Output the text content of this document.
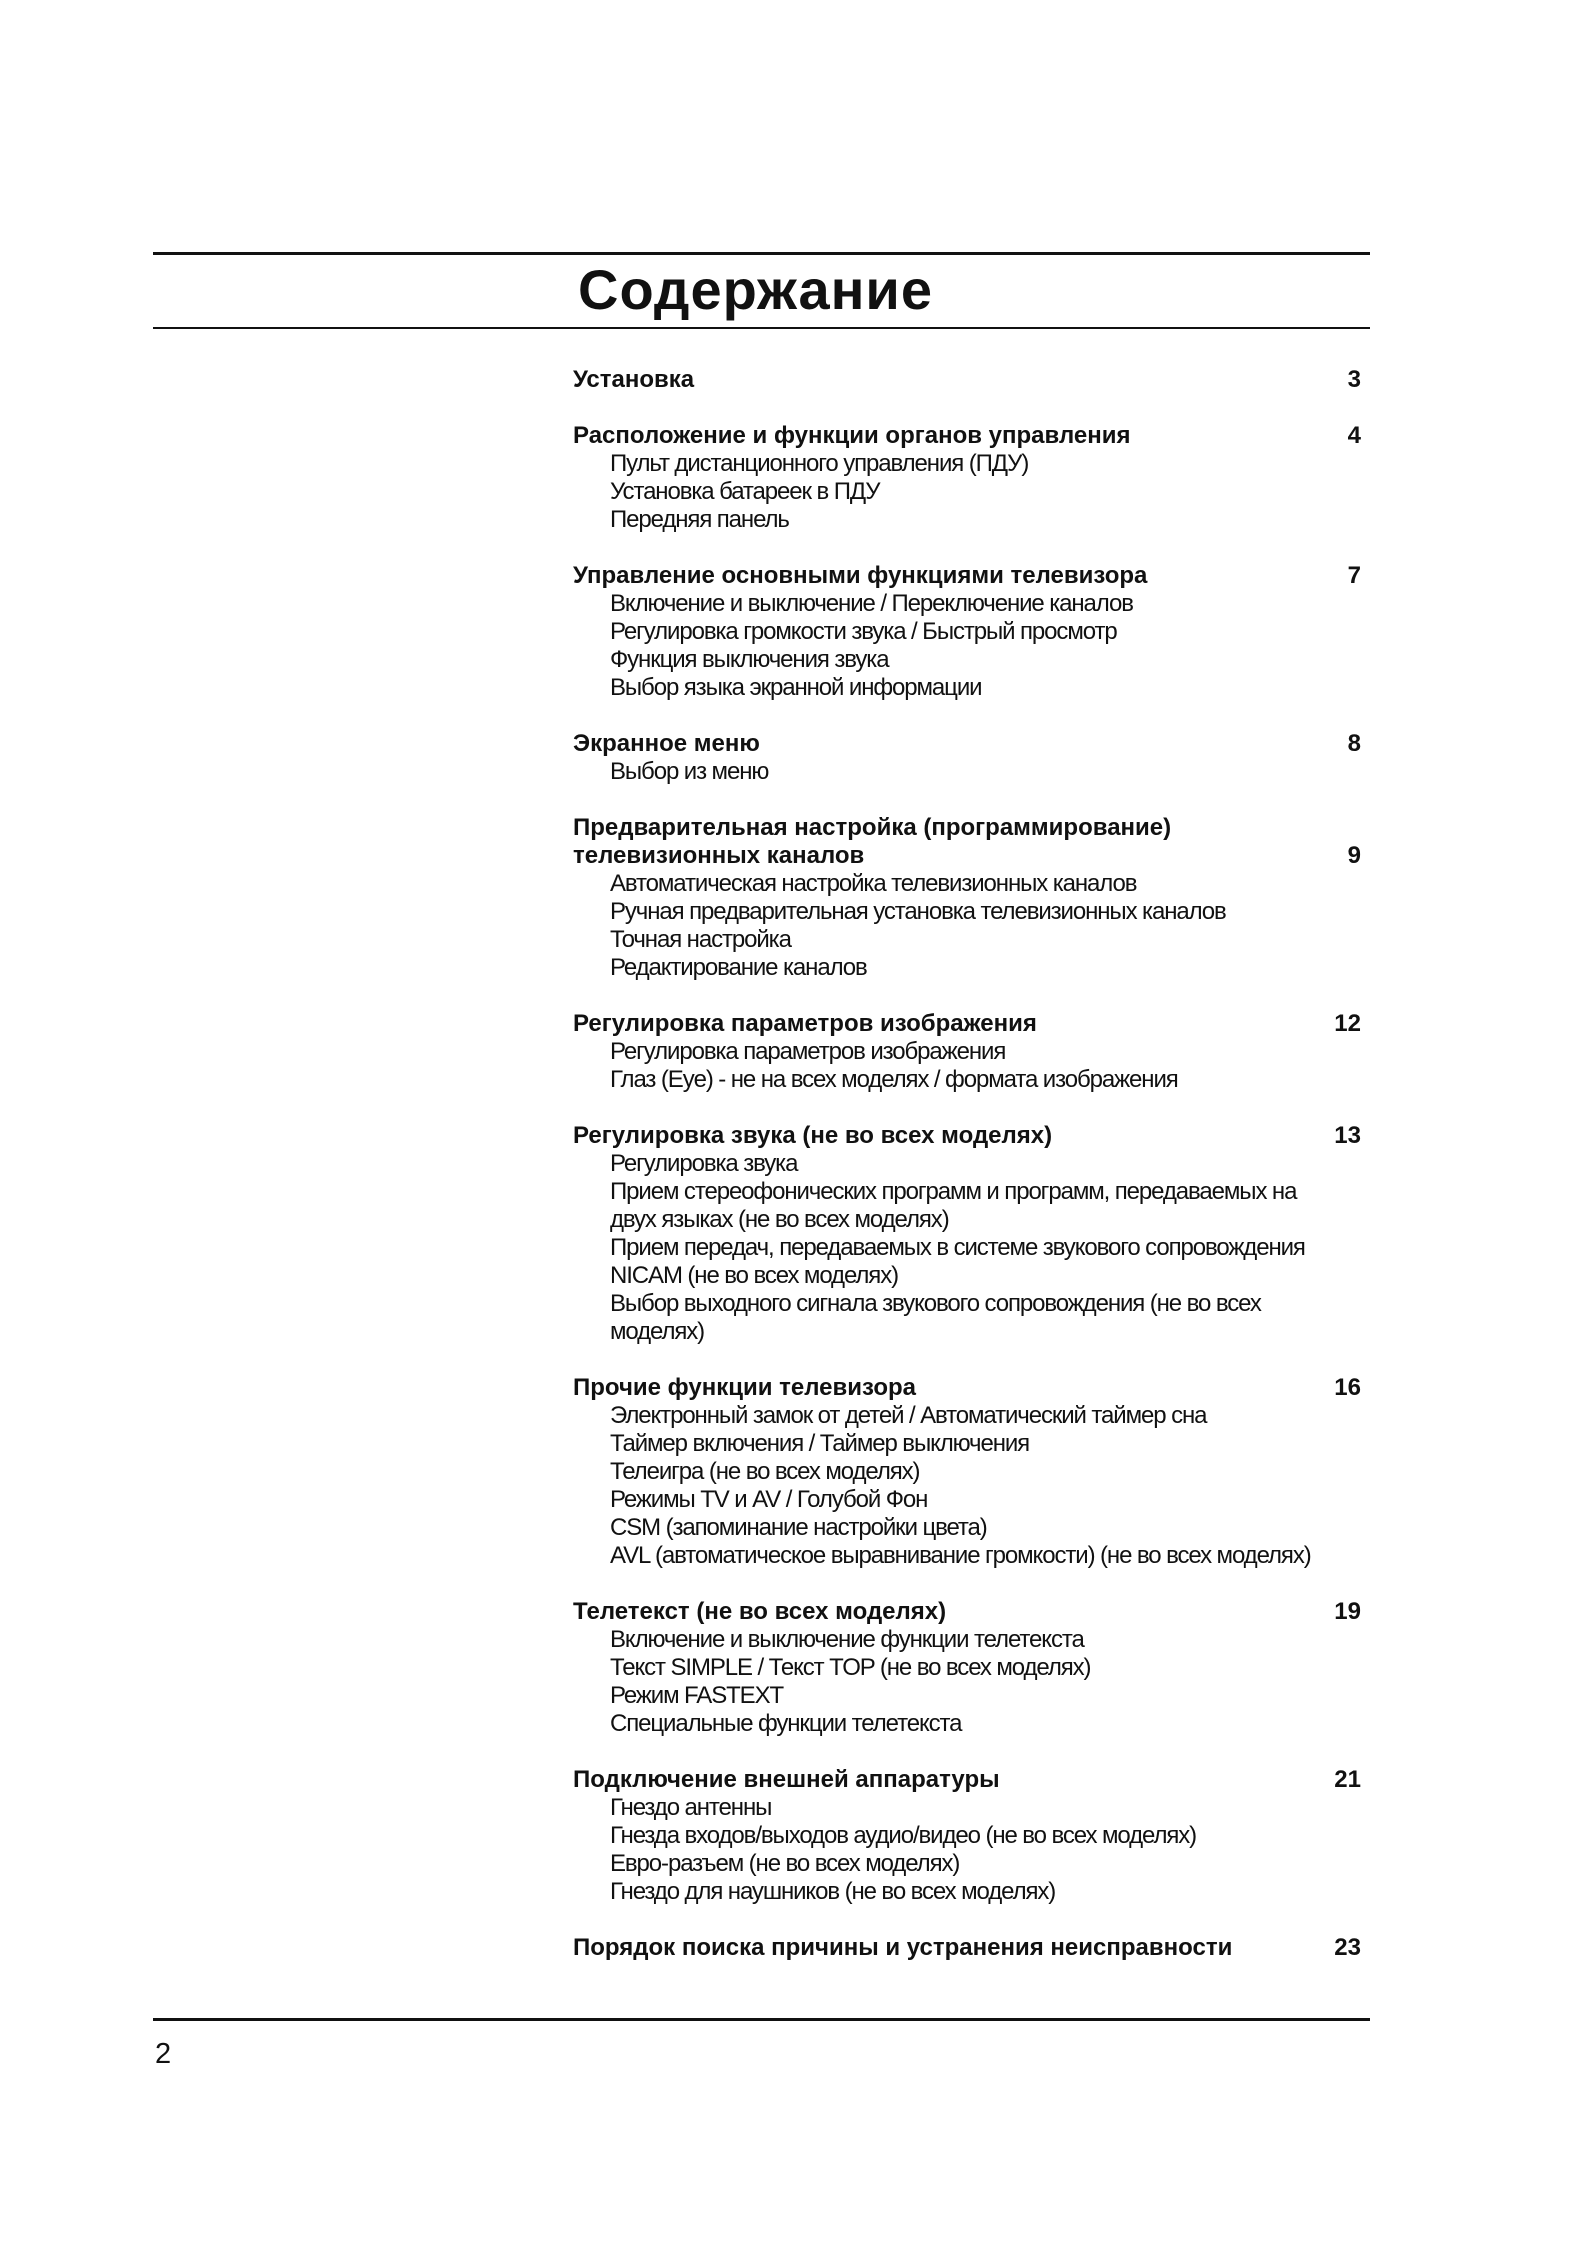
Содержание
Установка	3
Расположение и функции органов управления	4
Пульт дистанционного управления (ПДУ)
Установка батареек в ПДУ
Передняя панель
Управление основными функциями телевизора	7
Включение и выключение / Переключение каналов
Регулировка громкости звука / Быстрый просмотр
Функция выключения звука
Выбор языка экранной информации
Экранное меню	8
Выбор из меню
Предварительная настройка (программирование)
телевизионных каналов	9
Автоматическая настройка телевизионных каналов
Ручная предварительная установка телевизионных каналов
Точная настройка
Редактирование каналов
Регулировка параметров изображения	12
Регулировка параметров изображения
Глаз (Eye) - не на всех моделях / формата изображения
Регулировка звука (не во всех моделях)	13
Регулировка звука
Прием стереофонических программ и программ, передаваемых на
двух языках (не во всех моделях)
Прием передач, передаваемых в системе звукового сопровождения
NICAM (не во всех моделях)
Выбор выходного сигнала звукового сопровождения (не во всех
моделях)
Прочие функции телевизора	16
Электронный замок от детей / Автоматический таймер сна
Таймер включения / Таймер выключения
Телеигра (не во всех моделях)
Режимы TV и AV / Голубой Фон
CSM (запоминание настройки цвета)
AVL (автоматическое выравнивание громкости) (не во всех моделях)
Телетекст (не во всех моделях)	19
Включение и выключение функции телетекста
Текст SIMPLE / Текст TOP (не во всех моделях)
Режим FASTEXT
Специальные функции телетекста
Подключение внешней аппаратуры	21
Гнездо антенны
Гнезда входов/выходов аудио/видео (не во всех моделях)
Евро-разъем (не во всех моделях)
Гнездо для наушников (не во всех моделях)
Порядок поиска причины и устранения неисправности	23
2
